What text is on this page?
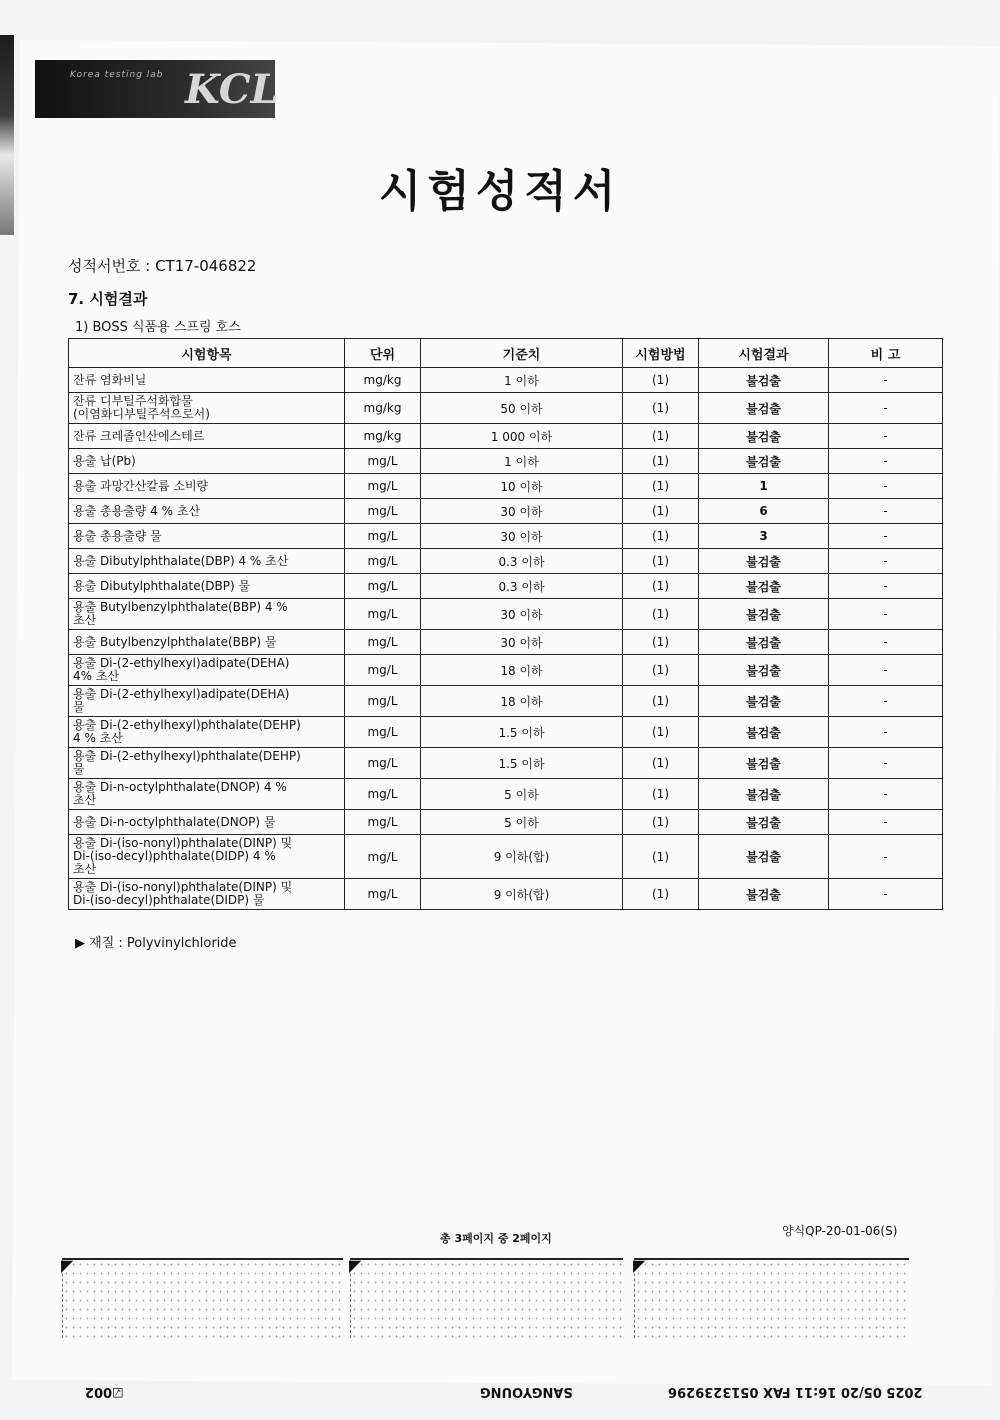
Korea testing lab KCL
시험성적서
성적서번호 : CT17-046822
7. 시험결과
1) BOSS 식품용 스프링 호스
시험항목	단위	기준치	시험방법	시험결과	비 고
잔류 염화비닐	mg/kg	1 이하	(1)	불검출	-
잔류 디부틸주석화합물
(이염화디부틸주석으로서)	mg/kg	50 이하	(1)	불검출	-
잔류 크레졸인산에스테르	mg/kg	1 000 이하	(1)	불검출	-
용출 납(Pb)	mg/L	1 이하	(1)	불검출	-
용출 과망간산칼륨 소비량	mg/L	10 이하	(1)	1	-
용출 총용출량 4 % 초산	mg/L	30 이하	(1)	6	-
용출 총용출량 물	mg/L	30 이하	(1)	3	-
용출 Dibutylphthalate(DBP) 4 % 초산	mg/L	0.3 이하	(1)	불검출	-
용출 Dibutylphthalate(DBP) 물	mg/L	0.3 이하	(1)	불검출	-
용출 Butylbenzylphthalate(BBP) 4 %
초산	mg/L	30 이하	(1)	불검출	-
용출 Butylbenzylphthalate(BBP) 물	mg/L	30 이하	(1)	불검출	-
용출 Di-(2-ethylhexyl)adipate(DEHA)
4% 초산	mg/L	18 이하	(1)	불검출	-
용출 Di-(2-ethylhexyl)adipate(DEHA)
물	mg/L	18 이하	(1)	불검출	-
용출 Di-(2-ethylhexyl)phthalate(DEHP)
4 % 초산	mg/L	1.5 이하	(1)	불검출	-
용출 Di-(2-ethylhexyl)phthalate(DEHP)
물	mg/L	1.5 이하	(1)	불검출	-
용출 Di-n-octylphthalate(DNOP) 4 %
초산	mg/L	5 이하	(1)	불검출	-
용출 Di-n-octylphthalate(DNOP) 물	mg/L	5 이하	(1)	불검출	-
용출 Di-(iso-nonyl)phthalate(DINP) 및
Di-(iso-decyl)phthalate(DIDP) 4 %
초산	mg/L	9 이하(합)	(1)	불검출	-
용출 Di-(iso-nonyl)phthalate(DINP) 및
Di-(iso-decyl)phthalate(DIDP) 물	mg/L	9 이하(합)	(1)	불검출	-
▶ 재질 : Polyvinylchloride
총 3페이지 중 2페이지
양식QP-20-01-06(S)
◤	◤	◤
☑002	SANGYOUNG	2025 05/20 16:11 FAX 0513239296
